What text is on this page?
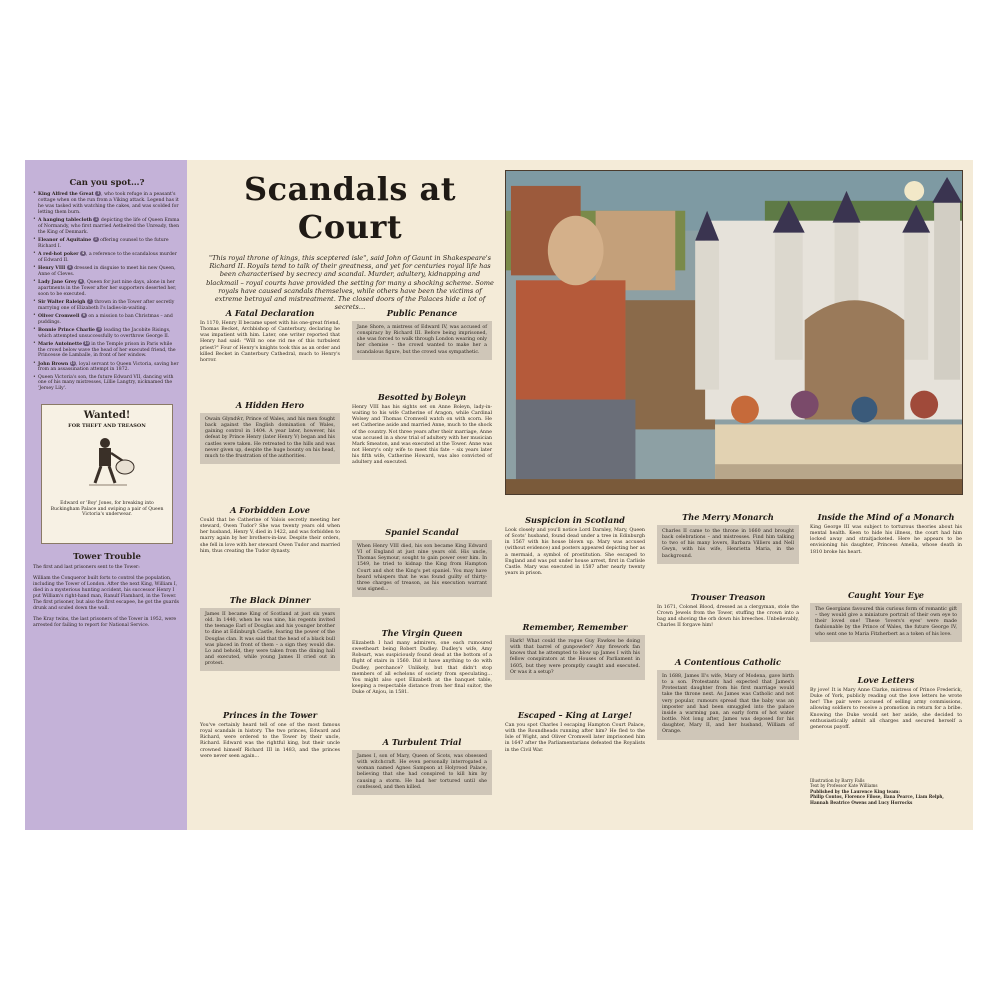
Can you spot…?
• King Alfred the Great 1 , who took refuge in a peasant's cottage when on the run from a Viking attack. Legend has it he was tasked with watching the cakes, and was scolded for letting them burn.
• A hanging tablecloth 2 depicting the life of Queen Emma of Normandy, who first married Aethelred the Unready, then the King of Denmark.
• Eleanor of Aquitaine 3 offering counsel to the future Richard I.
• A red-hot poker 4 , a reference to the scandalous murder of Edward II.
• Henry VIII 5 dressed in disguise to meet his new Queen, Anne of Cleves.
• Lady Jane Grey 6 , Queen for just nine days, alone in her apartments in the Tower after her supporters deserted her, soon to be executed.
• Sir Walter Raleigh 7 thrown in the Tower after secretly marrying one of Elizabeth I's ladies-in-waiting.
• Oliver Cromwell 8 on a mission to ban Christmas – and puddings.
• Bonnie Prince Charlie 9 leading the Jacobite Risings, which attempted unsuccessfully to overthrow George II.
• Marie Antoinette 10 in the Temple prison in Paris while the crowd below wave the head of her executed friend, the Princesse de Lamballe, in front of her window.
• John Brown 11, loyal servant to Queen Victoria, saving her from an assassination attempt in 1872.
• Queen Victoria's son, the future Edward VII, dancing with one of his many mistresses, Lillie Langtry, nicknamed the 'Jersey Lily'.
Wanted!
FOR THEFT AND TREASON
Edward or 'Boy' Jones, for breaking into Buckingham Palace and swiping a pair of Queen Victoria's underwear.
Tower Trouble
The first and last prisoners sent to the Tower:
William the Conqueror built forts to control the population, including the Tower of London. After the next King, William I, died in a mysterious hunting accident, his successor Henry I put William's right-hand man, Ranulf Flambard, in the Tower. The first prisoner, but also the first escapee, he got the guards drunk and sculed down the wall.
The Kray twins, the last prisoners of the Tower in 1952, were arrested for failing to report for National Service.
Scandals at Court
"This royal throne of kings, this sceptered isle", said John of Gaunt in Shakespeare's Richard II. Royals tend to talk of their greatness, and yet for centuries royal life has been characterised by secrecy and scandal. Murder, adultery, kidnapping and blackmail – royal courts have provided the setting for many a shocking scheme. Some royals have caused scandals themselves, while others have been the victims of extreme betrayal and mistreatment. The closed doors of the Palaces hide a lot of secrets…
A Fatal Declaration
In 1170, Henry II became upset with his one-great friend, Thomas Becket, Archbishop of Canterbury, declaring he was impatient with him. Later, one writer reported that Henry had said: "Will no one rid me of this turbulent priest?" Four of Henry's knights took this as an order and killed Becket in Canterbury Cathedral, much to Henry's horror.
A Hidden Hero
Owain Glyndŵr, Prince of Wales, and his men fought back against the English domination of Wales, gaining control in 1404. A year later, however, his defeat by Prince Henry (later Henry V) began and his castles were taken. He retreated to the hills and was never given up, despite the huge bounty on his head, much to the frustration of the authorities.
A Forbidden Love
Could that be Catherine of Valois secretly meeting her steward, Owen Tudor? She was twenty years old when her husband, Henry V, died in 1422, and was forbidden to marry again by her brothers-in-law. Despite their orders, she fell in love with her steward Owen Tudor and married him, thus creating the Tudor dynasty.
The Black Dinner
James II became King of Scotland at just six years old. In 1440, when he was nine, his regents invited the teenage Earl of Douglas and his younger brother to dine at Edinburgh Castle, fearing the power of the Douglas clan. It was said that the head of a black bull was placed in front of them – a sign they would die. Lo and behold, they were taken from the dining hall and executed, while young James II cried out in protest.
Princes in the Tower
You've certainly heard tell of one of the most famous royal scandals in history. The two princes, Edward and Richard, were ordered to the Tower by their uncle, Richard. Edward was the rightful king, but their uncle crowned himself Richard III in 1483, and the princes were never seen again…
Public Penance
Jane Shore, a mistress of Edward IV, was accused of conspiracy by Richard III. Before being imprisoned, she was forced to walk through London wearing only her chemise – the crowd wanted to make her a scandalous figure, but the crowd was sympathetic.
Besotted by Boleyn
Henry VIII has his sights set on Anne Boleyn, lady-in-waiting to his wife Catherine of Aragon, while Cardinal Wolsey and Thomas Cromwell watch on with scorn. He set Catherine aside and married Anne, much to the shock of the country. Not three years after their marriage, Anne was accused in a show trial of adultery with her musician Mark Smeaton, and was executed at the Tower. Anne was not Henry's only wife to meet this fate – six years later his fifth wife, Catherine Howard, was also convicted of adultery and executed.
Spaniel Scandal
When Henry VIII died, his son became King Edward VI of England at just nine years old. His uncle, Thomas Seymour, sought to gain power over him. In 1549, he tried to kidnap the King from Hampton Court and shot the King's pet spaniel. You may have heard whispers that he was found guilty of thirty-three charges of treason, as his execution warrant was signed…
The Virgin Queen
Elizabeth I had many admirers, one each rumoured sweetheart being Robert Dudley. Dudley's wife, Amy Robsart, was suspiciously found dead at the bottom of a flight of stairs in 1560. Did it have anything to do with Dudley, perchance? Unlikely, but that didn't stop members of all echelons of society from speculating… You might also spot Elizabeth at the banquet table, keeping a respectable distance from her final suitor, the Duke of Anjou, in 1581.
A Turbulent Trial
James I, son of Mary, Queen of Scots, was obsessed with witchcraft. He even personally interrogated a woman named Agnes Sampson at Holyrood Palace, believing that she had conspired to kill him by causing a storm. He had her tortured until she confessed, and then killed.
Suspicion in Scotland
Look closely and you'll notice Lord Darnley, Mary, Queen of Scots' husband, found dead under a tree in Edinburgh in 1567 with his house blown up. Mary was accused (without evidence) and posters appeared depicting her as a mermaid, a symbol of prostitution. She escaped to England and was put under house arrest, first in Carlisle Castle. Mary was executed in 1587 after nearly twenty years in prison.
Remember, Remember
Hark! What could the rogue Guy Fawkes be doing with that barrel of gunpowder? Any firework fan knows that he attempted to blow up James I with his fellow conspirators at the Houses of Parliament in 1605, but they were promptly caught and executed. Or was it a setup?
Escaped – King at Large!
Can you spot Charles I escaping Hampton Court Palace, with the Roundheads running after him? He fled to the Isle of Wight, and Oliver Cromwell later imprisoned him in 1647 after the Parliamentarians defeated the Royalists in the Civil War.
The Merry Monarch
Charles II came to the throne in 1660 and brought back celebrations – and mistresses. Find him talking to two of his many lovers, Barbara Villiers and Nell Gwyn, with his wife, Henrietta Maria, in the background.
Trouser Treason
In 1671, Colonel Blood, dressed as a clergyman, stole the Crown Jewels from the Tower, stuffing the crown into a bag and shoving the orb down his breeches. Unbelievably, Charles II forgave him!
A Contentious Catholic
In 1688, James II's wife, Mary of Modena, gave birth to a son. Protestants had expected that James's Protestant daughter from his first marriage would take the throne next. As James was Catholic and not very popular, rumours spread that the baby was an imposter and had been smuggled into the palace inside a warming pan, an early form of hot water bottle. Not long after, James was deposed for his daughter, Mary II, and her husband, William of Orange.
Inside the Mind of a Monarch
King George III was subject to torturous theories about his mental health. Keen to hide his illness, the court had him locked away and straitjacketed. Here he appears to be envisioning his daughter, Princess Amelia, whose death in 1810 broke his heart.
Caught Your Eye
The Georgians favoured this curious form of romantic gift – they would give a miniature portrait of their own eye to their loved one! These 'lovers's eyes' were made fashionable by the Prince of Wales, the future George IV, who sent one to Maria Fitzherbert as a token of his love.
Love Letters
By jove! It is Mary Anne Clarke, mistress of Prince Frederick, Duke of York, publicly reading out the love letters he wrote her! The pair were accused of selling army commissions, allowing soldiers to receive a promotion in return for a bribe. Knowing the Duke would set her aside, she decided to enthusiastically admit all charges and secured herself a generous payoff.
Illustration by Barry Falls
Text by Professor Kate Williams
Published by the Laurence King team:
Philip Contos, Florence Filose, Ilana Pearce, Liam Relph,
Hannah Beatrice Owens and Lucy Horrocks
